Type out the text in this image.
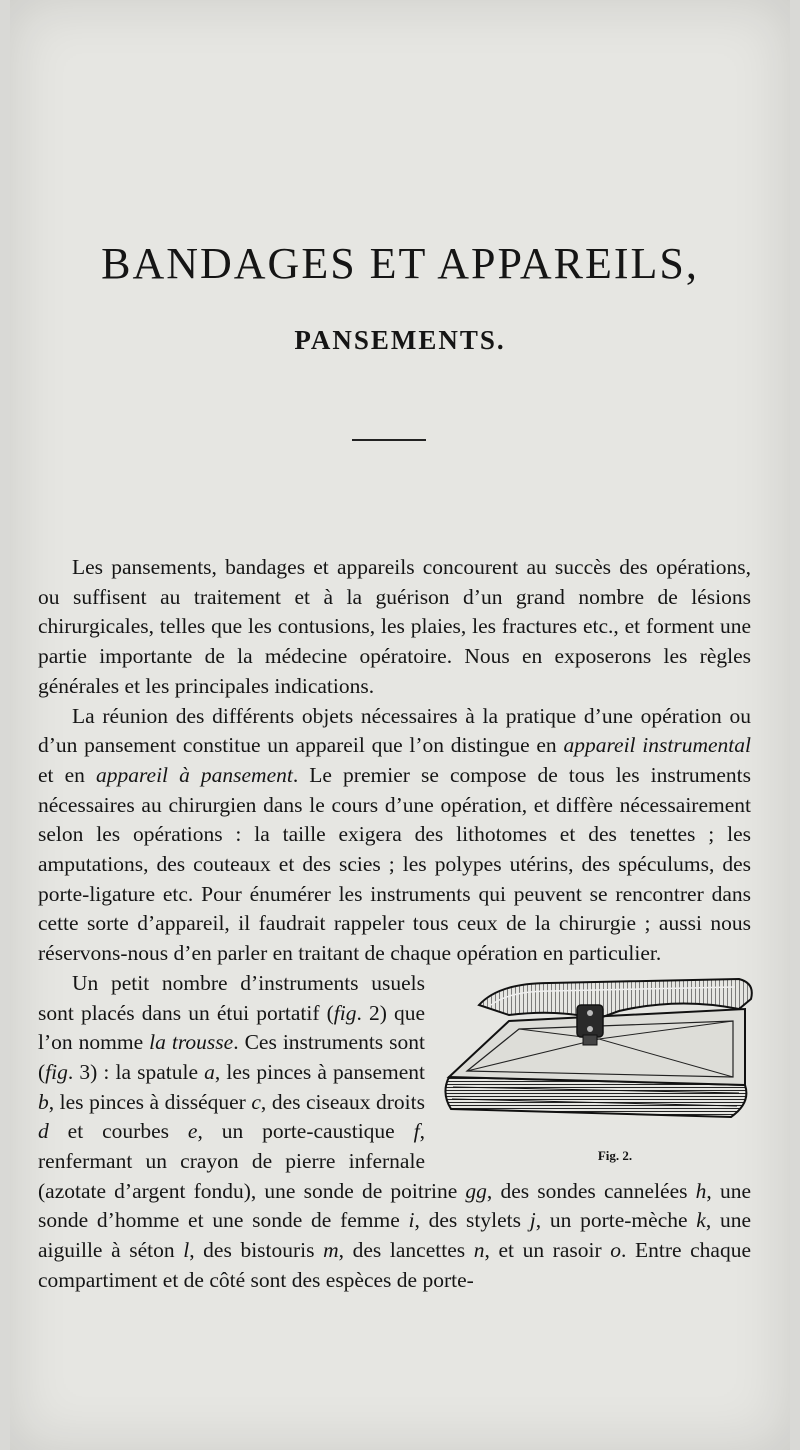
BANDAGES ET APPAREILS,
PANSEMENTS.

Les pansements, bandages et appareils concourent au succès des opérations, ou suffisent au traitement et à la guérison d’un grand nombre de lésions chirurgicales, telles que les contusions, les plaies, les fractures etc., et forment une partie importante de la médecine opératoire. Nous en exposerons les règles générales et les principales indications.

La réunion des différents objets nécessaires à la pratique d’une opération ou d’un pansement constitue un appareil que l’on distingue en appareil instrumental et en appareil à pansement. Le premier se compose de tous les instruments nécessaires au chirurgien dans le cours d’une opération, et diffère nécessairement selon les opérations : la taille exigera des lithotomes et des tenettes ; les amputations, des couteaux et des scies ; les polypes utérins, des spéculums, des porte-ligature etc. Pour énumérer les instruments qui peuvent se rencontrer dans cette sorte d’appareil, il faudrait rappeler tous ceux de la chirurgie ; aussi nous réservons-nous d’en parler en traitant de chaque opération en particulier.

Fig. 2.
Un petit nombre d’instruments usuels sont placés dans un étui portatif (fig. 2) que l’on nomme la trousse. Ces instruments sont (fig. 3) : la spatule a, les pinces à pansement b, les pinces à disséquer c, des ciseaux droits d et courbes e, un porte-caustique f, renfermant un crayon de pierre infernale (azotate d’argent fondu), une sonde de poitrine gg, des sondes cannelées h, une sonde d’homme et une sonde de femme i, des stylets j, un porte-mèche k, une aiguille à séton l, des bistouris m, des lancettes n, et un rasoir o. Entre chaque compartiment et de côté sont des espèces de porte-
